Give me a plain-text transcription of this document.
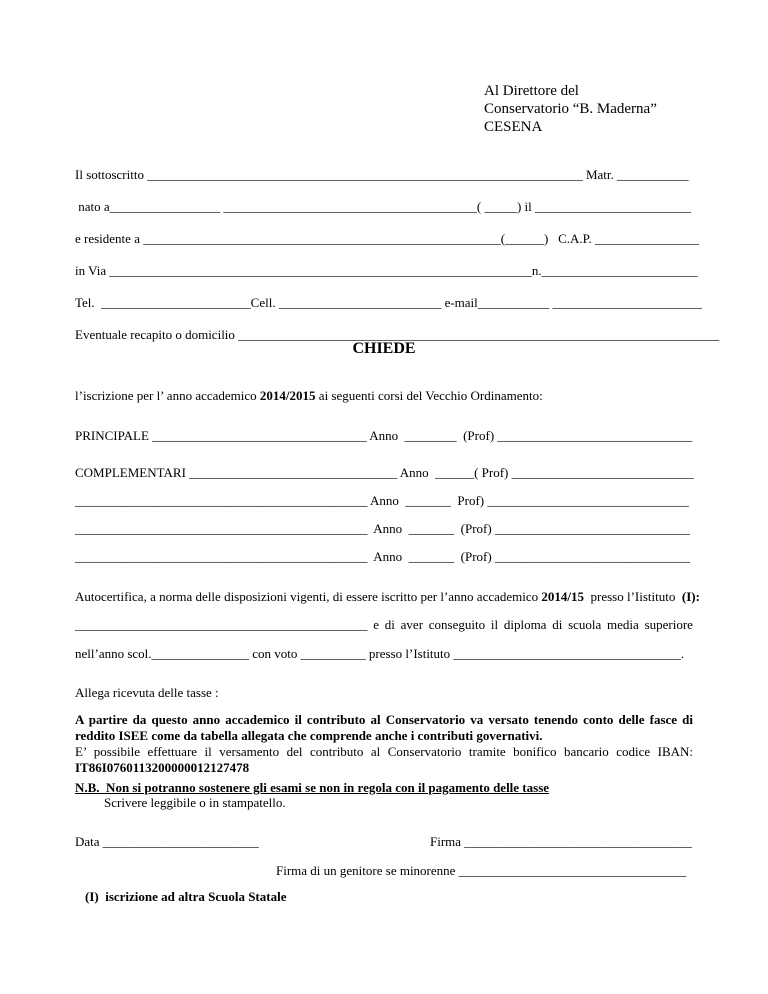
Al Direttore del
Conservatorio “B. Maderna”
CESENA
Il sottoscritto ___________________________________________________________________ Matr. ___________
nato a_________________ _______________________________________( _____) il ________________________
e residente a _______________________________________________________(______)   C.A.P. ________________
in Via _________________________________________________________________n.________________________
Tel.  _______________________Cell. _________________________ e-mail___________ _______________________
Eventuale recapito o domicilio __________________________________________________________________________
CHIEDE
l’iscrizione per l’ anno accademico 2014/2015 ai seguenti corsi del Vecchio Ordinamento:
PRINCIPALE _________________________________ Anno  ________  (Prof) ______________________________
COMPLEMENTARI ________________________________ Anno  ______( Prof) ____________________________
_____________________________________________ Anno  _______  Prof) _______________________________
_____________________________________________  Anno  _______  (Prof) ______________________________
_____________________________________________  Anno  _______  (Prof) ______________________________
Autocertifica, a norma delle disposizioni vigenti, di essere iscritto per l’anno accademico 2014/15  presso l’Iistituto  (I):
_____________________________________________ e di aver conseguito il diploma di scuola media superiore
nell’anno scol._______________ con voto __________ presso l’Istituto ___________________________________.
Allega ricevuta delle tasse :
A partire da questo anno accademico il contributo al Conservatorio va versato tenendo conto delle fasce di
reddito ISEE come da tabella allegata che comprende anche i contributi governativi.
E’ possibile effettuare il versamento del contributo al Conservatorio tramite bonifico bancario codice IBAN:
IT86I0760113200000012127478
N.B.  Non si potranno sostenere gli esami se non in regola con il pagamento delle tasse
Scrivere leggibile o in stampatello.
Data ________________________	Firma ___________________________________
Firma di un genitore se minorenne ___________________________________
(I)  iscrizione ad altra Scuola Statale
